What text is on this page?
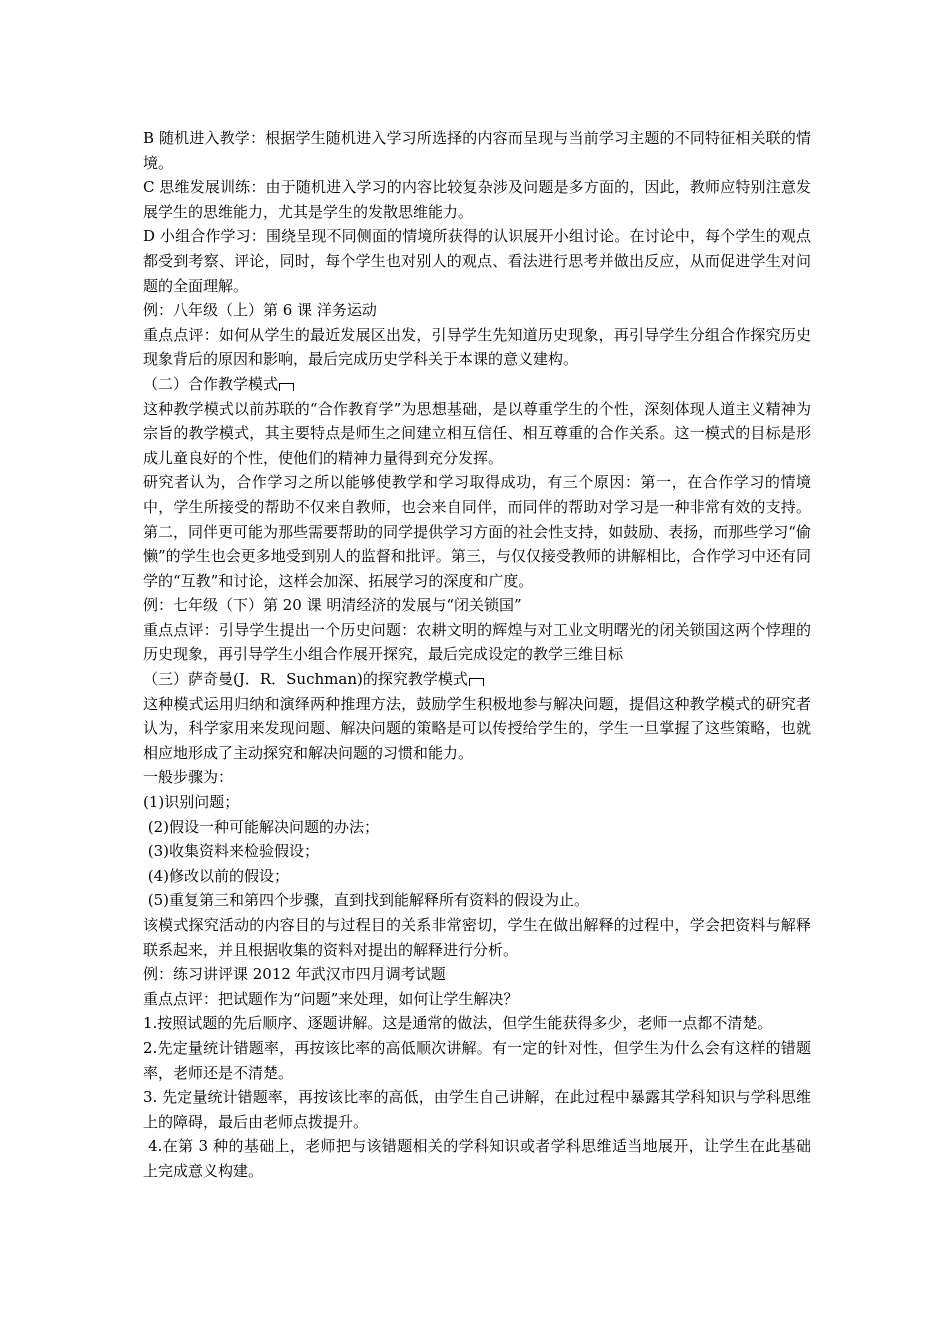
B 随机进入教学：根据学生随机进入学习所选择的内容而呈现与当前学习主题的不同特征相关联的情境。

C 思维发展训练：由于随机进入学习的内容比较复杂涉及问题是多方面的，因此，教师应特别注意发展学生的思维能力，尤其是学生的发散思维能力。

D 小组合作学习：围绕呈现不同侧面的情境所获得的认识展开小组讨论。在讨论中，每个学生的观点都受到考察、评论，同时，每个学生也对别人的观点、看法进行思考并做出反应，从而促进学生对问题的全面理解。

例：八年级（上）第 6 课 洋务运动

重点点评：如何从学生的最近发展区出发，引导学生先知道历史现象，再引导学生分组合作探究历史现象背后的原因和影响，最后完成历史学科关于本课的意义建构。

（二）合作教学模式

这种教学模式以前苏联的“合作教育学”为思想基础，是以尊重学生的个性，深刻体现人道主义精神为宗旨的教学模式，其主要特点是师生之间建立相互信任、相互尊重的合作关系。这一模式的目标是形成儿童良好的个性，使他们的精神力量得到充分发挥。

研究者认为，合作学习之所以能够使教学和学习取得成功，有三个原因：第一，在合作学习的情境中，学生所接受的帮助不仅来自教师，也会来自同伴，而同伴的帮助对学习是一种非常有效的支持。第二，同伴更可能为那些需要帮助的同学提供学习方面的社会性支持，如鼓励、表扬，而那些学习“偷懒”的学生也会更多地受到别人的监督和批评。第三，与仅仅接受教师的讲解相比，合作学习中还有同学的“互教”和讨论，这样会加深、拓展学习的深度和广度。

例：七年级（下）第 20 课 明清经济的发展与“闭关锁国”

重点点评：引导学生提出一个历史问题：农耕文明的辉煌与对工业文明曙光的闭关锁国这两个悖理的历史现象，再引导学生小组合作展开探究，最后完成设定的教学三维目标

（三）萨奇曼(J．R．Suchman)的探究教学模式

这种模式运用归纳和演绎两种推理方法，鼓励学生积极地参与解决问题，提倡这种教学模式的研究者认为，科学家用来发现问题、解决问题的策略是可以传授给学生的，学生一旦掌握了这些策略，也就相应地形成了主动探究和解决问题的习惯和能力。

一般步骤为：

(1)识别问题；

(2)假设一种可能解决问题的办法；

(3)收集资料来检验假设；

(4)修改以前的假设；

(5)重复第三和第四个步骤，直到找到能解释所有资料的假设为止。

该模式探究活动的内容目的与过程目的关系非常密切，学生在做出解释的过程中，学会把资料与解释联系起来，并且根据收集的资料对提出的解释进行分析。

例：练习讲评课 2012 年武汉市四月调考试题

重点点评：把试题作为“问题”来处理，如何让学生解决？

1.按照试题的先后顺序、逐题讲解。这是通常的做法，但学生能获得多少，老师一点都不清楚。

2.先定量统计错题率，再按该比率的高低顺次讲解。有一定的针对性，但学生为什么会有这样的错题率，老师还是不清楚。

3. 先定量统计错题率，再按该比率的高低，由学生自己讲解，在此过程中暴露其学科知识与学科思维上的障碍，最后由老师点拨提升。

4.在第 3 种的基础上，老师把与该错题相关的学科知识或者学科思维适当地展开，让学生在此基础上完成意义构建。
